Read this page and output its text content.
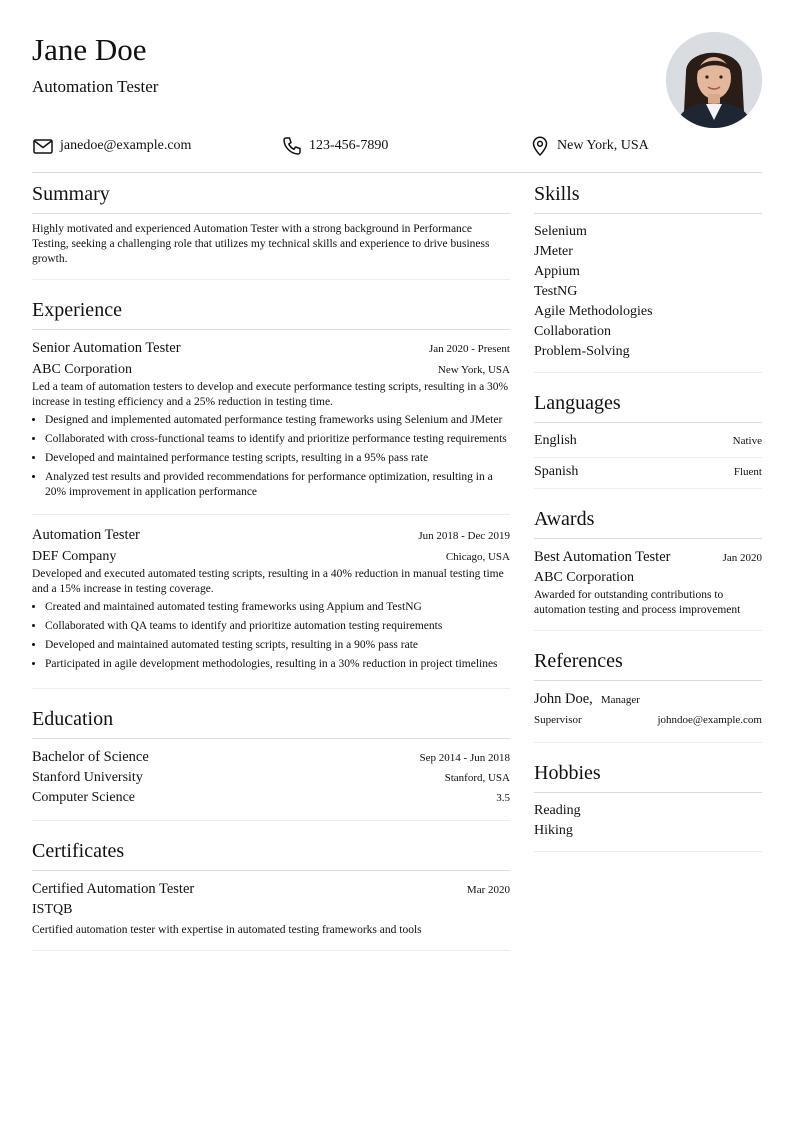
Jane Doe
Automation Tester
janedoe@example.com	123-456-7890	New York, USA
Summary
Highly motivated and experienced Automation Tester with a strong background in Performance Testing, seeking a challenging role that utilizes my technical skills and experience to drive business growth.
Experience
Senior Automation Tester	Jan 2020 - Present
ABC Corporation	New York, USA
Led a team of automation testers to develop and execute performance testing scripts, resulting in a 30% increase in testing efficiency and a 25% reduction in testing time.
• Designed and implemented automated performance testing frameworks using Selenium and JMeter
• Collaborated with cross-functional teams to identify and prioritize performance testing requirements
• Developed and maintained performance testing scripts, resulting in a 95% pass rate
• Analyzed test results and provided recommendations for performance optimization, resulting in a 20% improvement in application performance
Automation Tester	Jun 2018 - Dec 2019
DEF Company	Chicago, USA
Developed and executed automated testing scripts, resulting in a 40% reduction in manual testing time and a 15% increase in testing coverage.
• Created and maintained automated testing frameworks using Appium and TestNG
• Collaborated with QA teams to identify and prioritize automation testing requirements
• Developed and maintained automated testing scripts, resulting in a 90% pass rate
• Participated in agile development methodologies, resulting in a 30% reduction in project timelines
Education
Bachelor of Science	Sep 2014 - Jun 2018
Stanford University	Stanford, USA
Computer Science	3.5
Certificates
Certified Automation Tester	Mar 2020
ISTQB
Certified automation tester with expertise in automated testing frameworks and tools
Skills
Selenium
JMeter
Appium
TestNG
Agile Methodologies
Collaboration
Problem-Solving
Languages
English	Native
Spanish	Fluent
Awards
Best Automation Tester	Jan 2020
ABC Corporation
Awarded for outstanding contributions to automation testing and process improvement
References
John Doe, Manager
Supervisor	johndoe@example.com
Hobbies
Reading
Hiking
